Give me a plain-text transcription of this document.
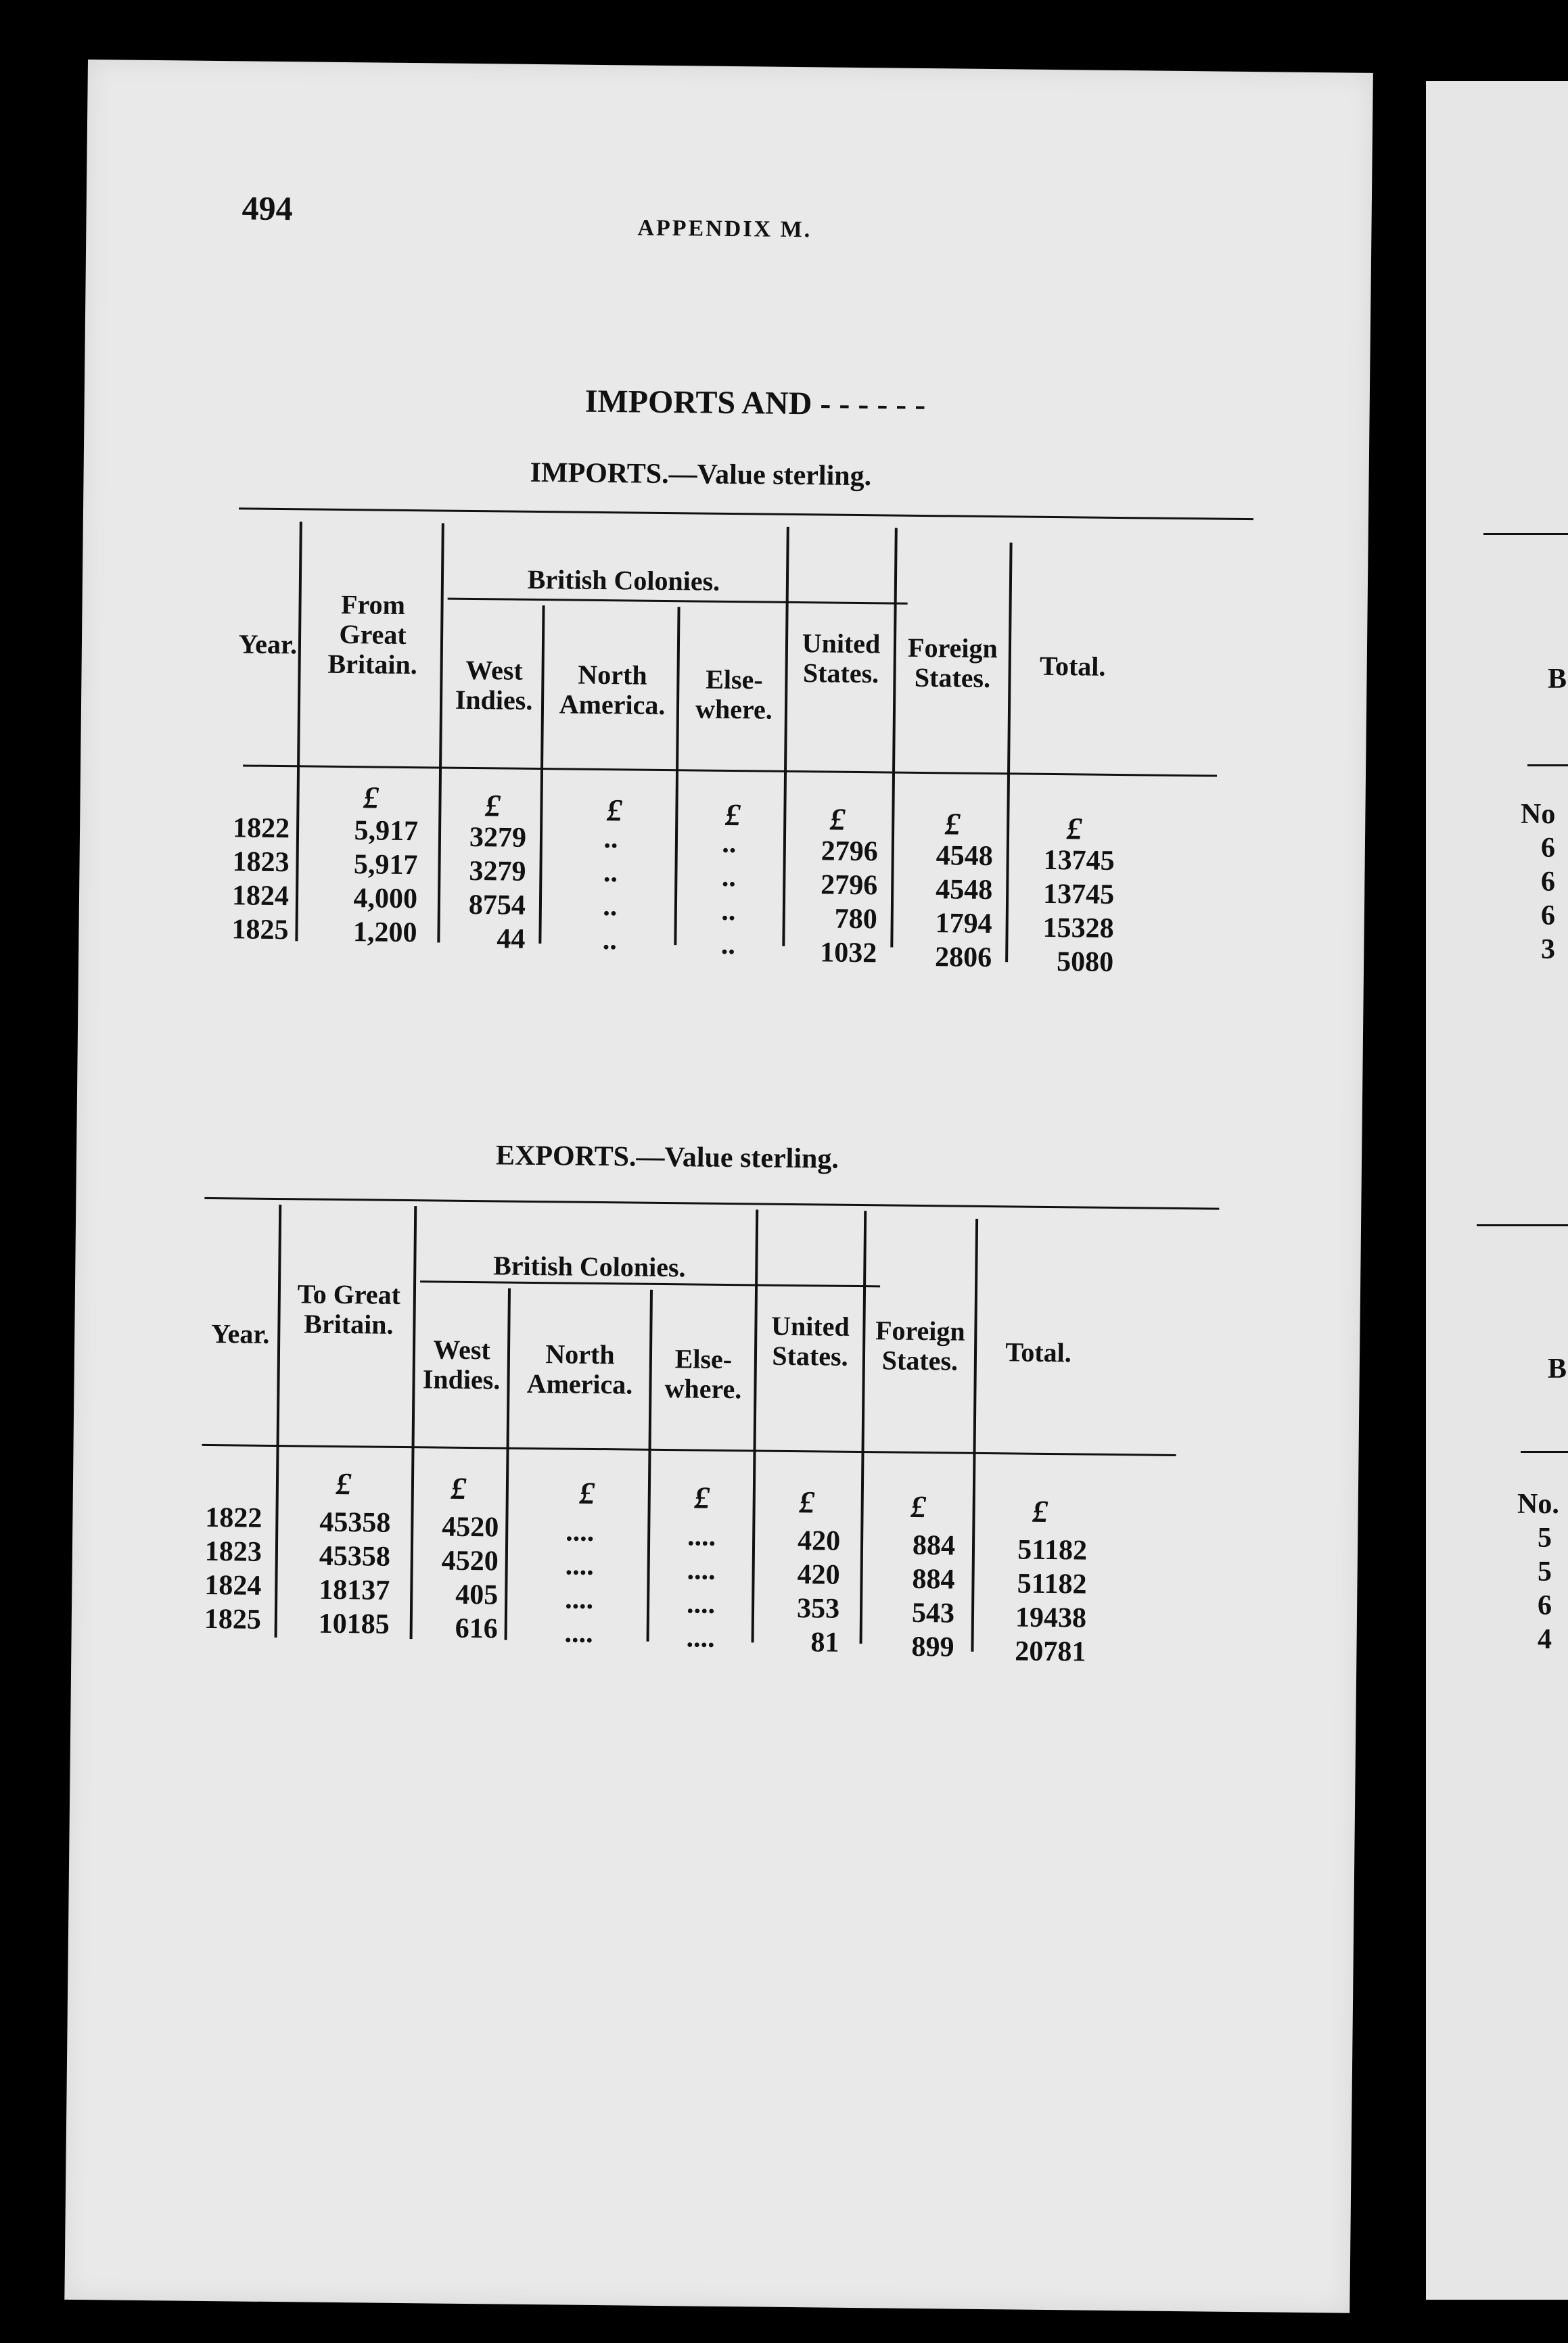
494
APPENDIX M.
IMPORTS AND - - - - - -
IMPORTS.—Value sterling.
Year.
From Great Britain.
British Colonies.
West Indies.
North America.
Else-where.
United States.
Foreign States.	Total.
£	£	£	£	£	£	£
1822	5,917	3279	..	..	2796	4548	13745
1823	5,917	3279	..	..	2796	4548	13745
1824	4,000	8754	..	..	780	1794	15328
1825	1,200	44	..	..	1032	2806	5080
EXPORTS.—Value sterling.
Year.
To Great Britain.
British Colonies.
West Indies.
North America.
Else-where.
United States.
Foreign States.	Total.
£	£	£	£	£	£	£
1822	45358	4520	....	....	420	884	51182
1823	45358	4520	....	....	420	884	51182
1824	18137	405	....	....	353	543	19438
1825	10185	616	....	....	81	899	20781
B
No
6
6
6
3
B
No.
5
5
6
4
